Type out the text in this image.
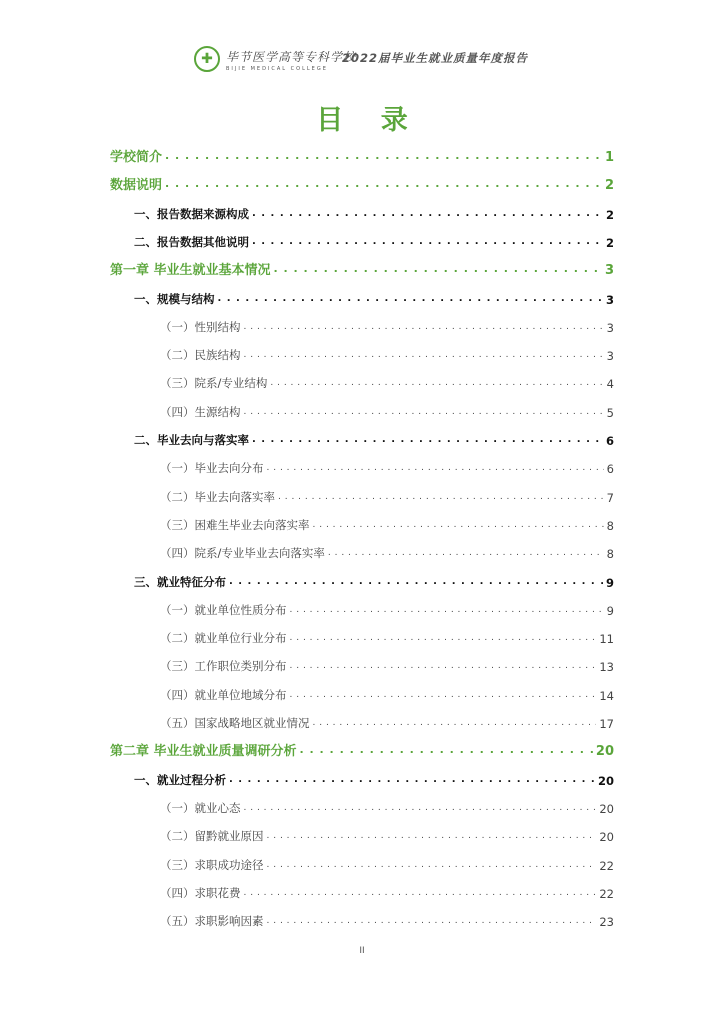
✚ 毕节医学高等专科学校
BIJIE MEDICAL COLLEGE
2022届毕业生就业质量年度报告
目 录
学校简介 . . .	1
数据说明 . . .	2
一、报告数据来源构成 . . .	2
二、报告数据其他说明 . . .	2
第一章 毕业生就业基本情况 . . .	3
一、规模与结构 . . .	3
（一）性别结构 . . .	3
（二）民族结构 . . .	3
（三）院系/专业结构 . . .	4
（四）生源结构 . . .	5
二、毕业去向与落实率 . . .	6
（一）毕业去向分布 . . .	6
（二）毕业去向落实率 . . .	7
（三）困难生毕业去向落实率 . . .	8
（四）院系/专业毕业去向落实率 . . .	8
三、就业特征分布 . . .	9
（一）就业单位性质分布 . . .	9
（二）就业单位行业分布 . . .	11
（三）工作职位类别分布 . . .	13
（四）就业单位地域分布 . . .	14
（五）国家战略地区就业情况 . . .	17
第二章 毕业生就业质量调研分析 . . .	20
一、就业过程分析 . . .	20
（一）就业心态 . . .	20
（二）留黔就业原因 . . .	20
（三）求职成功途径 . . .	22
（四）求职花费 . . .	22
（五）求职影响因素 . . .	23
II
